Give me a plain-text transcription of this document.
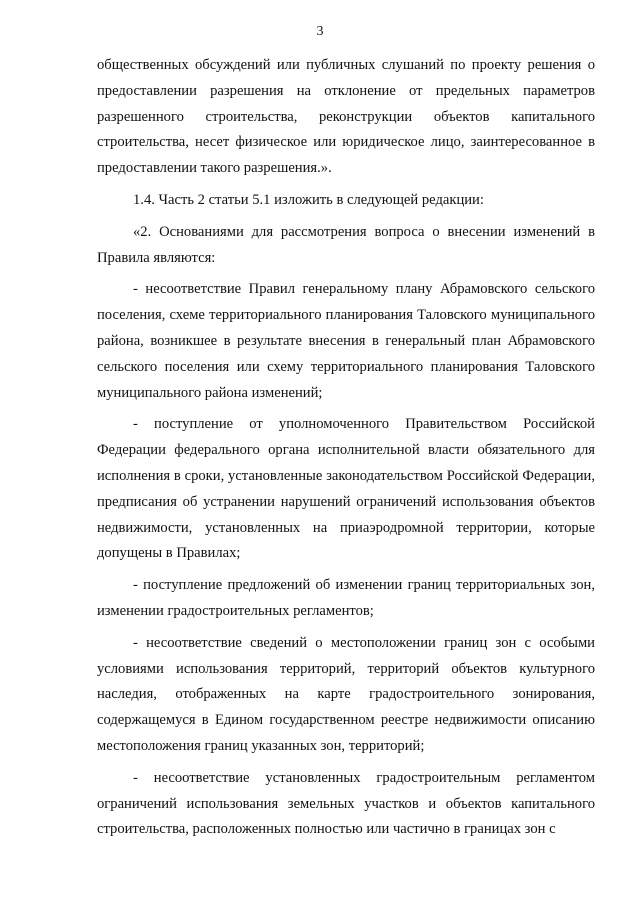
3

общественных обсуждений или публичных слушаний по проекту решения о предоставлении разрешения на отклонение от предельных параметров разрешенного строительства, реконструкции объектов капитального строительства, несет физическое или юридическое лицо, заинтересованное в предоставлении такого разрешения.».

1.4. Часть 2 статьи 5.1 изложить в следующей редакции:

«2. Основаниями для рассмотрения вопроса о внесении изменений в Правила являются:

- несоответствие Правил генеральному плану Абрамовского сельского поселения, схеме территориального планирования Таловского муниципального района, возникшее в результате внесения в генеральный план Абрамовского сельского поселения или схему территориального планирования Таловского муниципального района изменений;

- поступление от уполномоченного Правительством Российской Федерации федерального органа исполнительной власти обязательного для исполнения в сроки, установленные законодательством Российской Федерации, предписания об устранении нарушений ограничений использования объектов недвижимости, установленных на приаэродромной территории, которые допущены в Правилах;

- поступление предложений об изменении границ территориальных зон, изменении градостроительных регламентов;

- несоответствие сведений о местоположении границ зон с особыми условиями использования территорий, территорий объектов культурного наследия, отображенных на карте градостроительного зонирования, содержащемуся в Едином государственном реестре недвижимости описанию местоположения границ указанных зон, территорий;

- несоответствие установленных градостроительным регламентом ограничений использования земельных участков и объектов капитального строительства, расположенных полностью или частично в границах зон с
